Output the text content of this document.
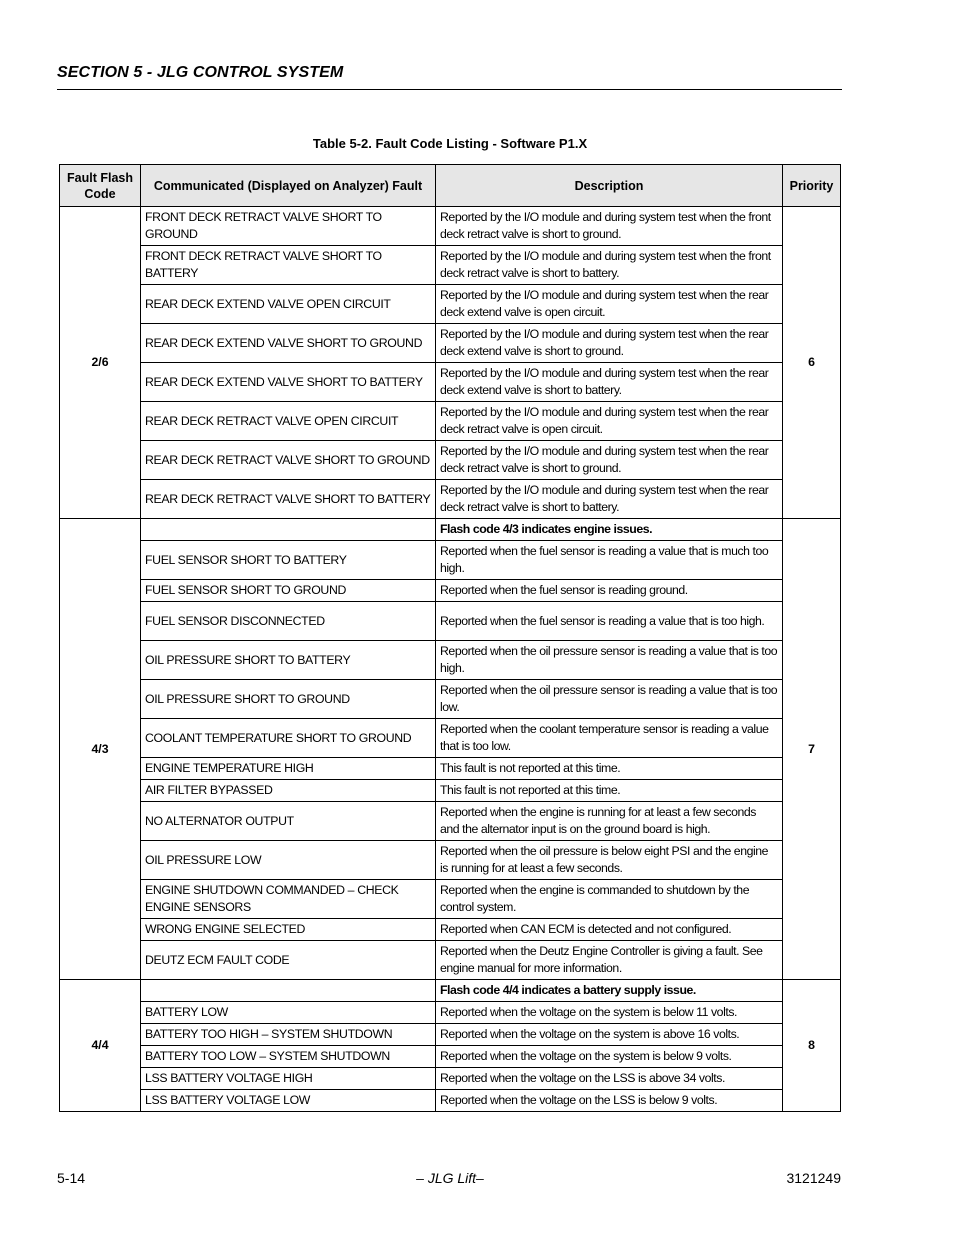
SECTION 5 - JLG CONTROL SYSTEM
Table 5-2. Fault Code Listing - Software P1.X
Fault Flash Code	Communicated (Displayed on Analyzer) Fault	Description	Priority
2/6	FRONT DECK RETRACT VALVE SHORT TO GROUND	Reported by the I/O module and during system test when the front deck retract valve is short to ground.	6
	FRONT DECK RETRACT VALVE SHORT TO BATTERY	Reported by the I/O module and during system test when the front deck retract valve is short to battery.	
	REAR DECK EXTEND VALVE OPEN CIRCUIT	Reported by the I/O module and during system test when the rear deck extend valve is open circuit.	
	REAR DECK EXTEND VALVE SHORT TO GROUND	Reported by the I/O module and during system test when the rear deck extend valve is short to ground.	
	REAR DECK EXTEND VALVE SHORT TO BATTERY	Reported by the I/O module and during system test when the rear deck extend valve is short to battery.	
	REAR DECK RETRACT VALVE OPEN CIRCUIT	Reported by the I/O module and during system test when the rear deck retract valve is open circuit.	
	REAR DECK RETRACT VALVE SHORT TO GROUND	Reported by the I/O module and during system test when the rear deck retract valve is short to ground.	
	REAR DECK RETRACT VALVE SHORT TO BATTERY	Reported by the I/O module and during system test when the rear deck retract valve is short to battery.	
4/3		Flash code 4/3 indicates engine issues.	7
	FUEL SENSOR SHORT TO BATTERY	Reported when the fuel sensor is reading a value that is much too high.	
	FUEL SENSOR SHORT TO GROUND	Reported when the fuel sensor is reading ground.	
	FUEL SENSOR DISCONNECTED	Reported when the fuel sensor is reading a value that is too high.	
	OIL PRESSURE SHORT TO BATTERY	Reported when the oil pressure sensor is reading a value that is too high.	
	OIL PRESSURE SHORT TO GROUND	Reported when the oil pressure sensor is reading a value that is too low.	
	COOLANT TEMPERATURE SHORT TO GROUND	Reported when the coolant temperature sensor is reading a value that is too low.	
	ENGINE TEMPERATURE HIGH	This fault is not reported at this time.	
	AIR FILTER BYPASSED	This fault is not reported at this time.	
	NO ALTERNATOR OUTPUT	Reported when the engine is running for at least a few seconds and the alternator input is on the ground board is high.	
	OIL PRESSURE LOW	Reported when the oil pressure is below eight PSI and the engine is running for at least a few seconds.	
	ENGINE SHUTDOWN COMMANDED – CHECK ENGINE SENSORS	Reported when the engine is commanded to shutdown by the control system.	
	WRONG ENGINE SELECTED	Reported when CAN ECM is detected and not configured.	
	DEUTZ ECM FAULT CODE	Reported when the Deutz Engine Controller is giving a fault. See engine manual for more information.	
4/4		Flash code 4/4 indicates a battery supply issue.	8
	BATTERY LOW	Reported when the voltage on the system is below 11 volts.	
	BATTERY TOO HIGH – SYSTEM SHUTDOWN	Reported when the voltage on the system is above 16 volts.	
	BATTERY TOO LOW – SYSTEM SHUTDOWN	Reported when the voltage on the system is below 9 volts.	
	LSS BATTERY VOLTAGE HIGH	Reported when the voltage on the LSS is above 34 volts.	
	LSS BATTERY VOLTAGE LOW	Reported when the voltage on the LSS is below 9 volts.	
5-14	– JLG Lift–	3121249
